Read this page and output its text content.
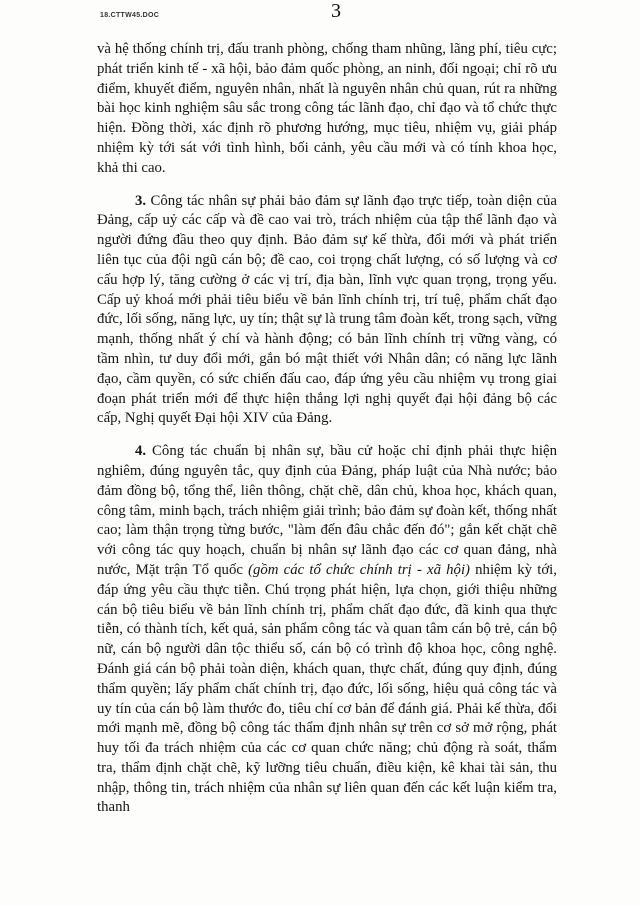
18.CTTW45.DOC	3

và hệ thống chính trị, đấu tranh phòng, chống tham nhũng, lãng phí, tiêu cực; phát triển kinh tế - xã hội, bảo đảm quốc phòng, an ninh, đối ngoại; chỉ rõ ưu điểm, khuyết điểm, nguyên nhân, nhất là nguyên nhân chủ quan, rút ra những bài học kinh nghiệm sâu sắc trong công tác lãnh đạo, chỉ đạo và tổ chức thực hiện. Đồng thời, xác định rõ phương hướng, mục tiêu, nhiệm vụ, giải pháp nhiệm kỳ tới sát với tình hình, bối cảnh, yêu cầu mới và có tính khoa học, khả thi cao.

3. Công tác nhân sự phải bảo đảm sự lãnh đạo trực tiếp, toàn diện của Đảng, cấp uỷ các cấp và đề cao vai trò, trách nhiệm của tập thể lãnh đạo và người đứng đầu theo quy định. Bảo đảm sự kế thừa, đổi mới và phát triển liên tục của đội ngũ cán bộ; đề cao, coi trọng chất lượng, có số lượng và cơ cấu hợp lý, tăng cường ở các vị trí, địa bàn, lĩnh vực quan trọng, trọng yếu. Cấp uỷ khoá mới phải tiêu biểu về bản lĩnh chính trị, trí tuệ, phẩm chất đạo đức, lối sống, năng lực, uy tín; thật sự là trung tâm đoàn kết, trong sạch, vững mạnh, thống nhất ý chí và hành động; có bản lĩnh chính trị vững vàng, có tầm nhìn, tư duy đổi mới, gắn bó mật thiết với Nhân dân; có năng lực lãnh đạo, cầm quyền, có sức chiến đấu cao, đáp ứng yêu cầu nhiệm vụ trong giai đoạn phát triển mới để thực hiện thắng lợi nghị quyết đại hội đảng bộ các cấp, Nghị quyết Đại hội XIV của Đảng.

4. Công tác chuẩn bị nhân sự, bầu cử hoặc chỉ định phải thực hiện nghiêm, đúng nguyên tắc, quy định của Đảng, pháp luật của Nhà nước; bảo đảm đồng bộ, tổng thể, liên thông, chặt chẽ, dân chủ, khoa học, khách quan, công tâm, minh bạch, trách nhiệm giải trình; bảo đảm sự đoàn kết, thống nhất cao; làm thận trọng từng bước, "làm đến đâu chắc đến đó"; gắn kết chặt chẽ với công tác quy hoạch, chuẩn bị nhân sự lãnh đạo các cơ quan đảng, nhà nước, Mặt trận Tổ quốc (gồm các tổ chức chính trị - xã hội) nhiệm kỳ tới, đáp ứng yêu cầu thực tiễn. Chú trọng phát hiện, lựa chọn, giới thiệu những cán bộ tiêu biểu về bản lĩnh chính trị, phẩm chất đạo đức, đã kinh qua thực tiễn, có thành tích, kết quả, sản phẩm công tác và quan tâm cán bộ trẻ, cán bộ nữ, cán bộ người dân tộc thiểu số, cán bộ có trình độ khoa học, công nghệ. Đánh giá cán bộ phải toàn diện, khách quan, thực chất, đúng quy định, đúng thẩm quyền; lấy phẩm chất chính trị, đạo đức, lối sống, hiệu quả công tác và uy tín của cán bộ làm thước đo, tiêu chí cơ bản để đánh giá. Phải kế thừa, đổi mới mạnh mẽ, đồng bộ công tác thẩm định nhân sự trên cơ sở mở rộng, phát huy tối đa trách nhiệm của các cơ quan chức năng; chủ động rà soát, thẩm tra, thẩm định chặt chẽ, kỹ lưỡng tiêu chuẩn, điều kiện, kê khai tài sản, thu nhập, thông tin, trách nhiệm của nhân sự liên quan đến các kết luận kiểm tra, thanh
